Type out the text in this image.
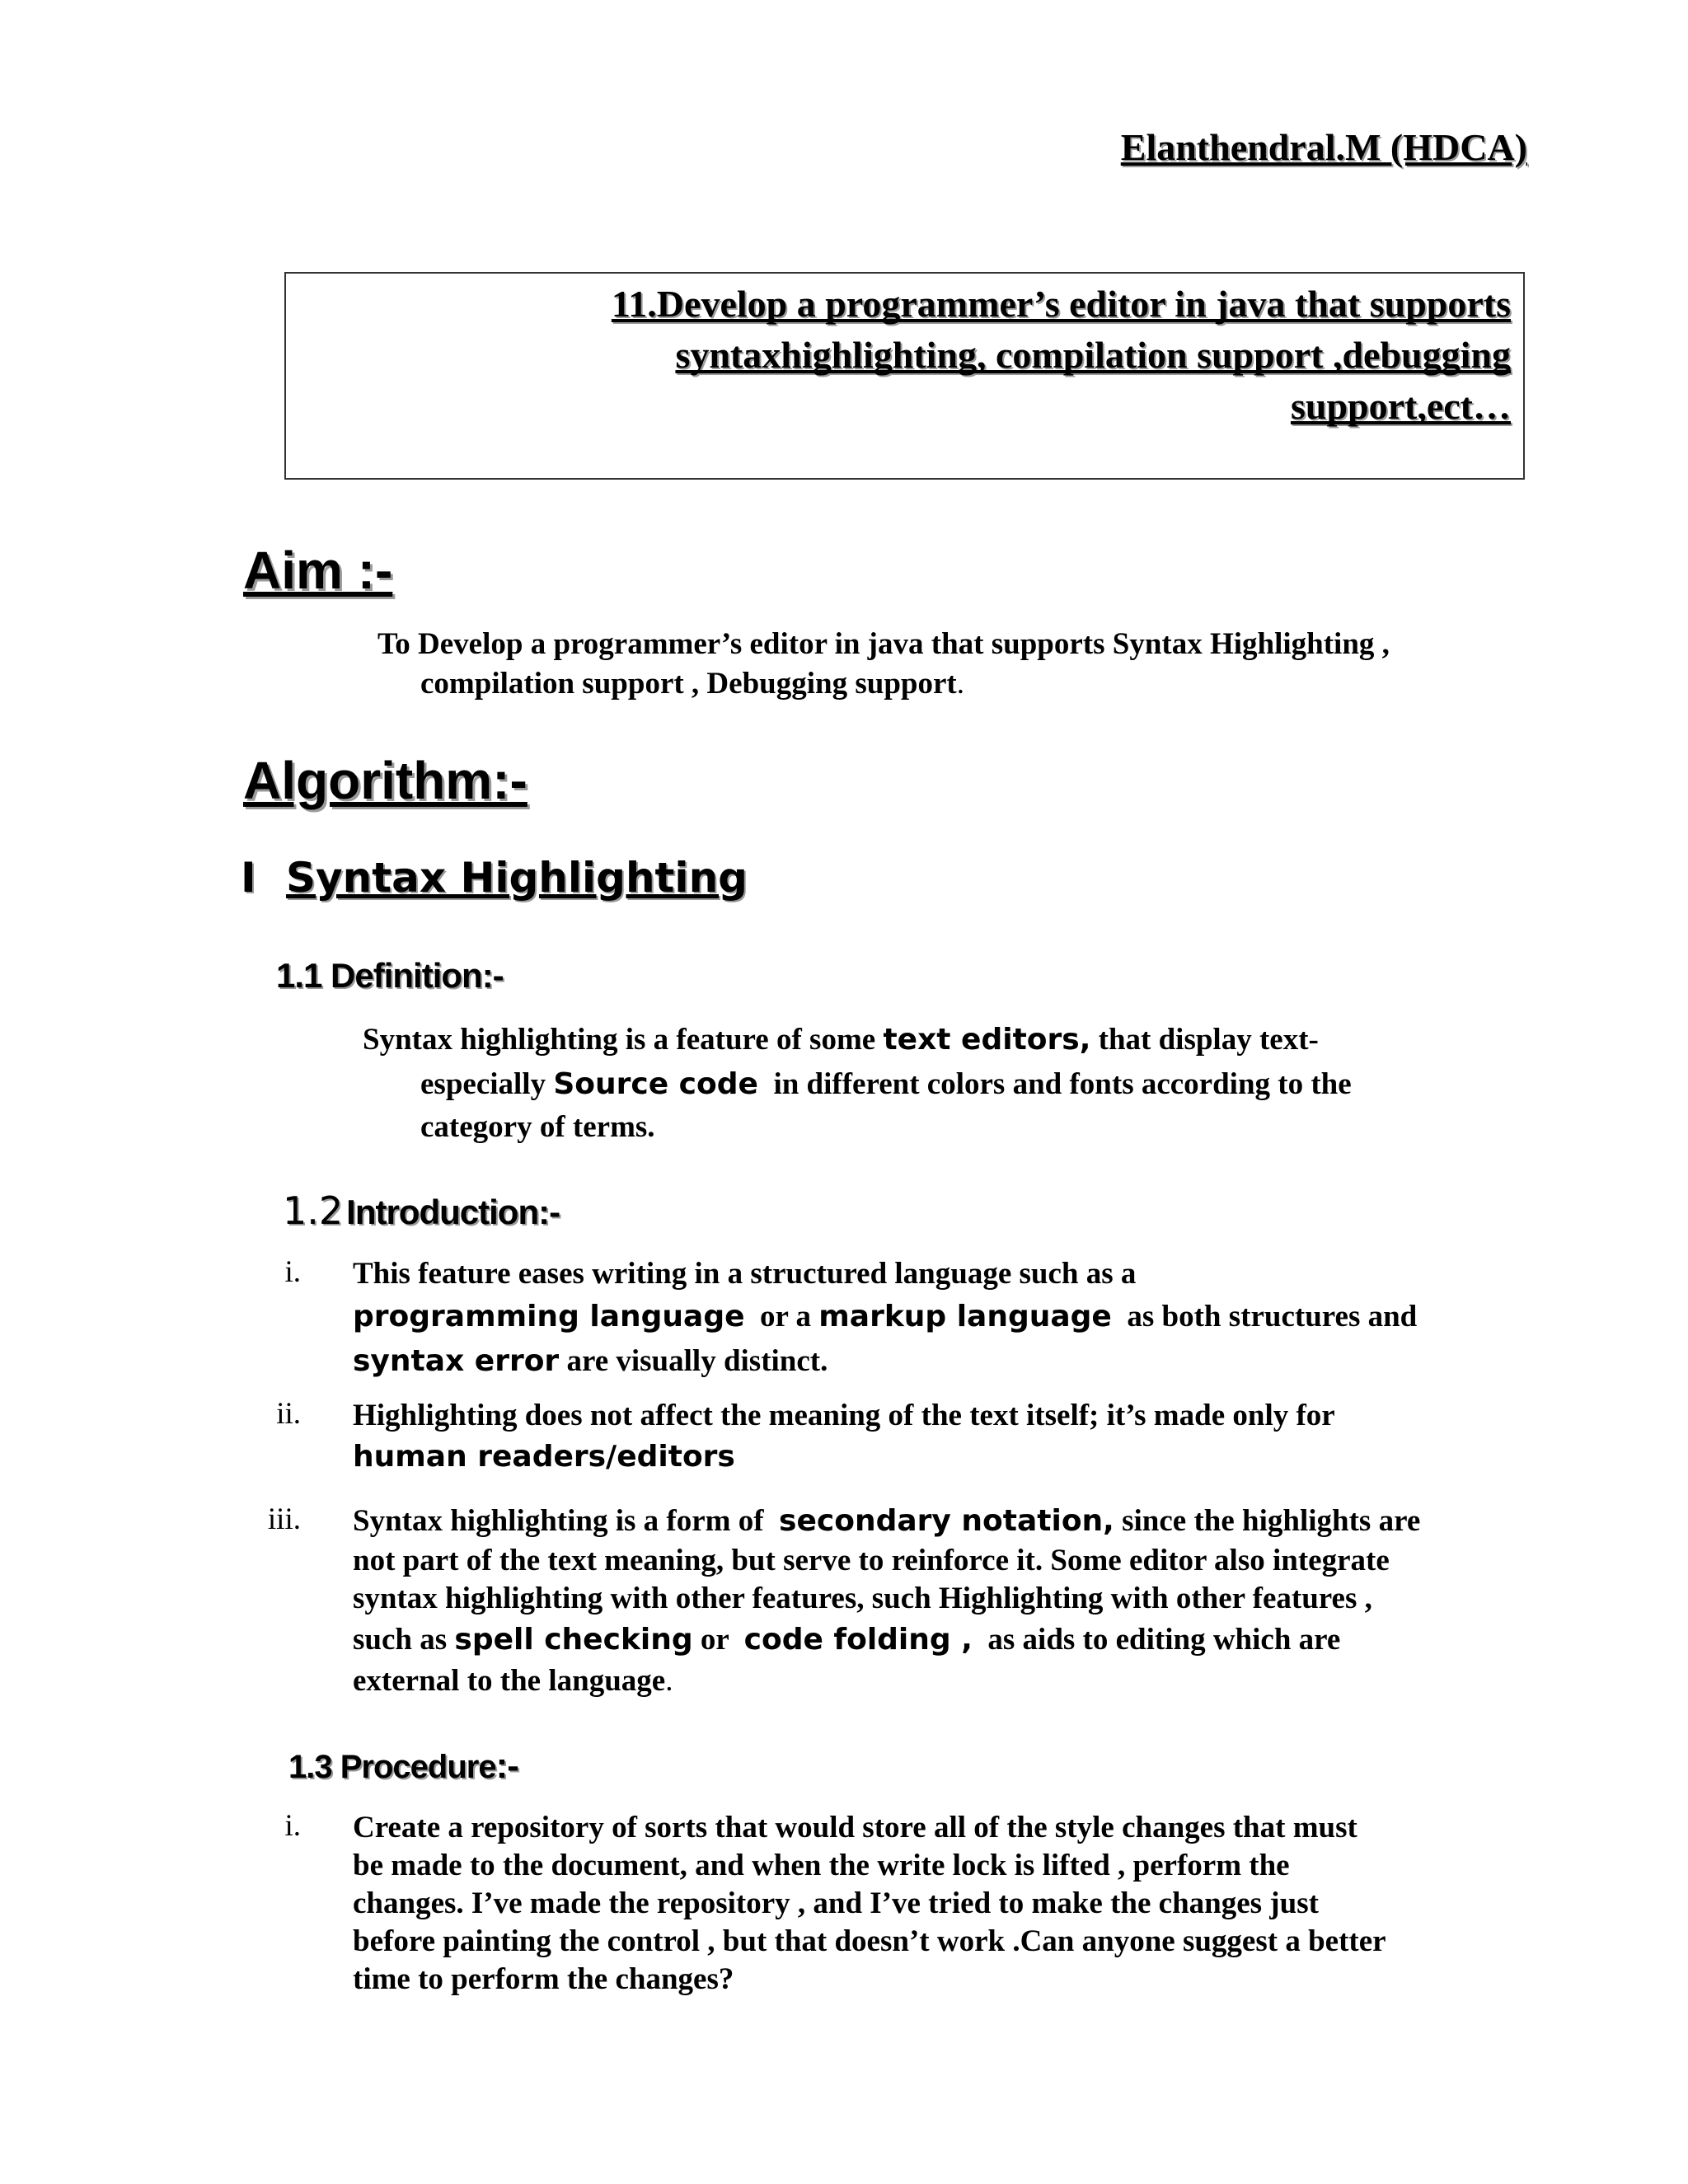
Elanthendral.M (HDCA)
11.Develop a programmer’s editor in java that supports
syntaxhighlighting, compilation support ,debugging
support,ect…
Aim :-
To Develop a programmer’s editor in java that supports Syntax Highlighting ,
compilation support , Debugging support.
Algorithm:-
I Syntax Highlighting
1.1 Definition:-
Syntax highlighting is a feature of some text editors, that display text-
especially Source code  in different colors and fonts according to the
category of terms.
1.2 Introduction:-
i. This feature eases writing in a structured language such as a
programming language  or a markup language  as both structures and
syntax error are visually distinct.
ii. Highlighting does not affect the meaning of the text itself; it’s made only for
human readers/editors
iii. Syntax highlighting is a form of  secondary notation, since the highlights are
not part of the text meaning, but serve to reinforce it. Some editor also integrate
syntax highlighting with other features, such Highlighting with other features ,
such as spell checking or  code folding ,  as aids to editing which are
external to the language.
1.3 Procedure:-
i. Create a repository of sorts that would store all of the style changes that must
be made to the document, and when the write lock is lifted , perform the
changes. I’ve made the repository , and I’ve tried to make the changes just
before painting the control , but that doesn’t work .Can anyone suggest a better
time to perform the changes?
